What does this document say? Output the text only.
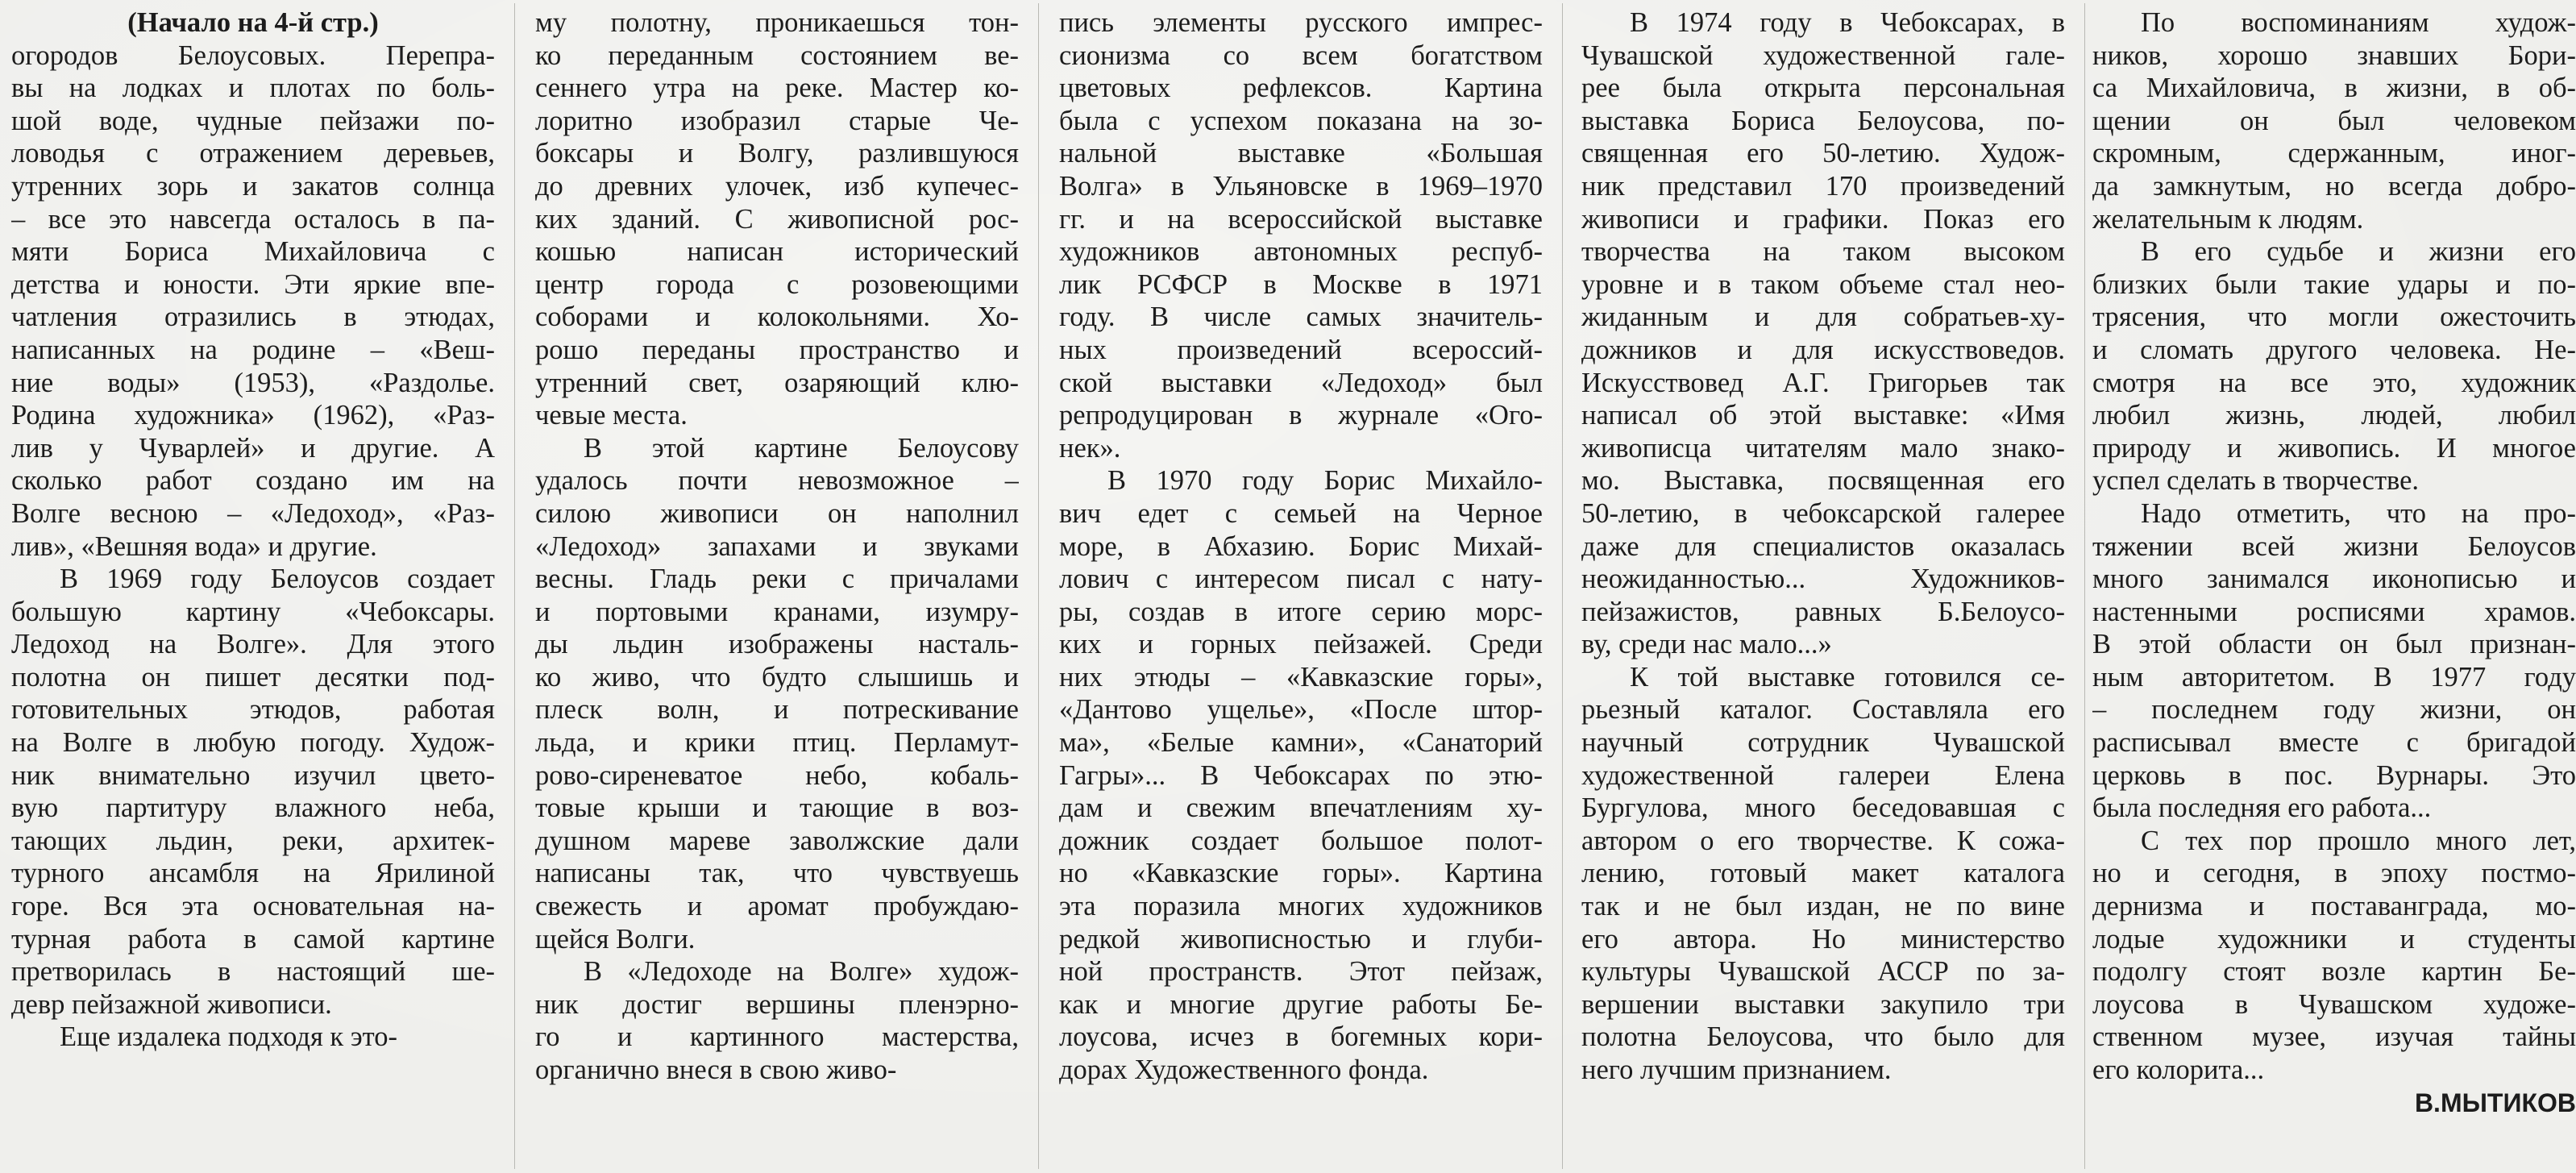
(Начало на 4-й стр.)
огородов Белоусовых. Перепра-
вы на лодках и плотах по боль-
шой воде, чудные пейзажи по-
ловодья с отражением деревьев,
утренних зорь и закатов солнца
– все это навсегда осталось в па-
мяти Бориса Михайловича с
детства и юности. Эти яркие впе-
чатления отразились в этюдах,
написанных на родине – «Веш-
ние воды» (1953), «Раздолье.
Родина художника» (1962), «Раз-
лив у Чуварлей» и другие. А
сколько работ создано им на
Волге весною – «Ледоход», «Раз-
лив», «Вешняя вода» и другие.
В 1969 году Белоусов создает
большую картину «Чебоксары.
Ледоход на Волге». Для этого
полотна он пишет десятки под-
готовительных этюдов, работая
на Волге в любую погоду. Худож-
ник внимательно изучил цвето-
вую партитуру влажного неба,
тающих льдин, реки, архитек-
турного ансамбля на Ярилиной
горе. Вся эта основательная на-
турная работа в самой картине
претворилась в настоящий ше-
девр пейзажной живописи.
Еще издалека подходя к это-
му полотну, проникаешься тон-
ко переданным состоянием ве-
сеннего утра на реке. Мастер ко-
лоритно изобразил старые Че-
боксары и Волгу, разлившуюся
до древних улочек, изб купечес-
ких зданий. С живописной рос-
кошью написан исторический
центр города с розовеющими
соборами и колокольнями. Хо-
рошо переданы пространство и
утренний свет, озаряющий клю-
чевые места.
В этой картине Белоусову
удалось почти невозможное –
силою живописи он наполнил
«Ледоход» запахами и звуками
весны. Гладь реки с причалами
и портовыми кранами, изумру-
ды льдин изображены насталь-
ко живо, что будто слышишь и
плеск волн, и потрескивание
льда, и крики птиц. Перламут-
рово-сиреневатое небо, кобаль-
товые крыши и тающие в воз-
душном мареве заволжские дали
написаны так, что чувствуешь
свежесть и аромат пробуждаю-
щейся Волги.
В «Ледоходе на Волге» худож-
ник достиг вершины пленэрно-
го и картинного мастерства,
органично внеся в свою живо-
пись элементы русского импрес-
сионизма со всем богатством
цветовых рефлексов. Картина
была с успехом показана на зо-
нальной выставке «Большая
Волга» в Ульяновске в 1969–1970
гг. и на всероссийской выставке
художников автономных респуб-
лик РСФСР в Москве в 1971
году. В числе самых значитель-
ных произведений всероссий-
ской выставки «Ледоход» был
репродуцирован в журнале «Ого-
нек».
В 1970 году Борис Михайло-
вич едет с семьей на Черное
море, в Абхазию. Борис Михай-
лович с интересом писал с нату-
ры, создав в итоге серию морс-
ких и горных пейзажей. Среди
них этюды – «Кавказские горы»,
«Дантово ущелье», «После штор-
ма», «Белые камни», «Санаторий
Гагры»... В Чебоксарах по этю-
дам и свежим впечатлениям ху-
дожник создает большое полот-
но «Кавказские горы». Картина
эта поразила многих художников
редкой живописностью и глуби-
ной пространств. Этот пейзаж,
как и многие другие работы Бе-
лоусова, исчез в богемных кори-
дорах Художественного фонда.
В 1974 году в Чебоксарах, в
Чувашской художественной гале-
рее была открыта персональная
выставка Бориса Белоусова, по-
священная его 50-летию. Худож-
ник представил 170 произведений
живописи и графики. Показ его
творчества на таком высоком
уровне и в таком объеме стал нео-
жиданным и для собратьев-ху-
дожников и для искусствоведов.
Искусствовед А.Г. Григорьев так
написал об этой выставке: «Имя
живописца читателям мало знако-
мо. Выставка, посвященная его
50-летию, в чебоксарской галерее
даже для специалистов оказалась
неожиданностью... Художников-
пейзажистов, равных Б.Белоусо-
ву, среди нас мало...»
К той выставке готовился се-
рьезный каталог. Составляла его
научный сотрудник Чувашской
художественной галереи Елена
Бургулова, много беседовавшая с
автором о его творчестве. К сожа-
лению, готовый макет каталога
так и не был издан, не по вине
его автора. Но министерство
культуры Чувашской АССР по за-
вершении выставки закупило три
полотна Белоусова, что было для
него лучшим признанием.
По воспоминаниям худож-
ников, хорошо знавших Бори-
са Михайловича, в жизни, в об-
щении он был человеком
скромным, сдержанным, иног-
да замкнутым, но всегда добро-
желательным к людям.
В его судьбе и жизни его
близких были такие удары и по-
трясения, что могли ожесточить
и сломать другого человека. Не-
смотря на все это, художник
любил жизнь, людей, любил
природу и живопись. И многое
успел сделать в творчестве.
Надо отметить, что на про-
тяжении всей жизни Белоусов
много занимался иконописью и
настенными росписями храмов.
В этой области он был признан-
ным авторитетом. В 1977 году
– последнем году жизни, он
расписывал вместе с бригадой
церковь в пос. Вурнары. Это
была последняя его работа...
С тех пор прошло много лет,
но и сегодня, в эпоху постмо-
дернизма и поставанграда, мо-
лодые художники и студенты
подолгу стоят возле картин Бе-
лоусова в Чувашском художе-
ственном музее, изучая тайны
его колорита...
В.МЫТИКОВ
